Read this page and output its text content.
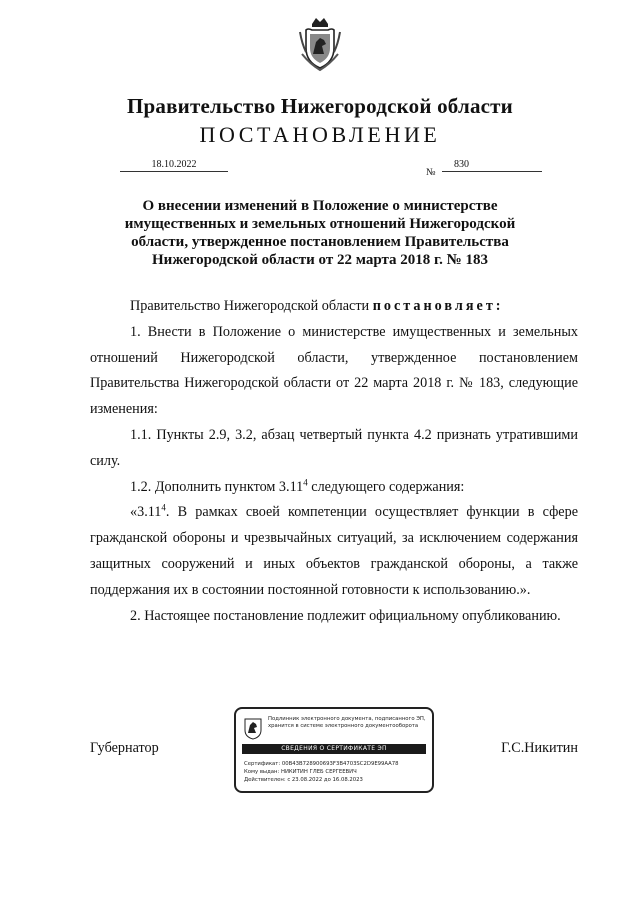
Правительство Нижегородской области
ПОСТАНОВЛЕНИЕ
18.10.2022
№
830
О внесении изменений в Положение о министерстве имущественных и земельных отношений Нижегородской области, утвержденное постановлением Правительства Нижегородской области от 22 марта 2018 г. № 183

Правительство Нижегородской области постановляет:

1. Внести в Положение о министерстве имущественных и земельных отношений Нижегородской области, утвержденное постановлением Правительства Нижегородской области от 22 марта 2018 г. № 183, следующие изменения:

1.1. Пункты 2.9, 3.2, абзац четвертый пункта 4.2 признать утратившими силу.

1.2. Дополнить пунктом 3.11$^4$ следующего содержания:

«3.11$^4$. В рамках своей компетенции осуществляет функции в сфере гражданской обороны и чрезвычайных ситуаций, за исключением содержания защитных сооружений и иных объектов гражданской обороны, а также поддержания их в состоянии постоянной готовности к использованию.».

2. Настоящее постановление подлежит официальному опубликованию.

Губернатор	Г.С.Никитин
Подлинник электронного документа, подписанного ЭП, хранится в системе электронного документооборота
СВЕДЕНИЯ О СЕРТИФИКАТЕ ЭП
Сертификат: 00B43B728900693F3B4703SC2D9E99AA78
Кому выдан: НИКИТИН ГЛЕБ СЕРГЕЕВИЧ
Действителен: с 23.08.2022 до 16.08.2023
